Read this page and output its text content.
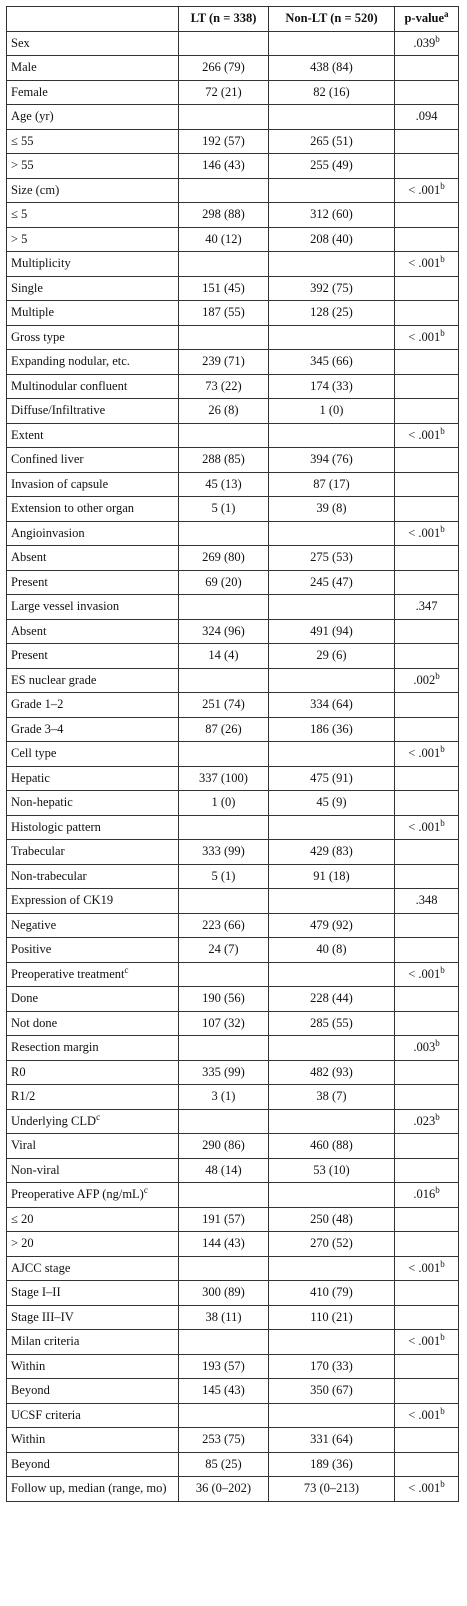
	LT (n = 338)	Non-LT (n = 520)	p-value$^a$
Sex			.039$^b$
Male	266 (79)	438 (84)	
Female	72 (21)	82 (16)	
Age (yr)			.094
≤ 55	192 (57)	265 (51)	
> 55	146 (43)	255 (49)	
Size (cm)			< .001$^b$
≤ 5	298 (88)	312 (60)	
> 5	40 (12)	208 (40)	
Multiplicity			< .001$^b$
Single	151 (45)	392 (75)	
Multiple	187 (55)	128 (25)	
Gross type			< .001$^b$
Expanding nodular, etc.	239 (71)	345 (66)	
Multinodular confluent	73 (22)	174 (33)	
Diffuse/Infiltrative	26 (8)	1 (0)	
Extent			< .001$^b$
Confined liver	288 (85)	394 (76)	
Invasion of capsule	45 (13)	87 (17)	
Extension to other organ	5 (1)	39 (8)	
Angioinvasion			< .001$^b$
Absent	269 (80)	275 (53)	
Present	69 (20)	245 (47)	
Large vessel invasion			.347
Absent	324 (96)	491 (94)	
Present	14 (4)	29 (6)	
ES nuclear grade			.002$^b$
Grade 1–2	251 (74)	334 (64)	
Grade 3–4	87 (26)	186 (36)	
Cell type			< .001$^b$
Hepatic	337 (100)	475 (91)	
Non-hepatic	1 (0)	45 (9)	
Histologic pattern			< .001$^b$
Trabecular	333 (99)	429 (83)	
Non-trabecular	5 (1)	91 (18)	
Expression of CK19			.348
Negative	223 (66)	479 (92)	
Positive	24 (7)	40 (8)	
Preoperative treatment$^c$			< .001$^b$
Done	190 (56)	228 (44)	
Not done	107 (32)	285 (55)	
Resection margin			.003$^b$
R0	335 (99)	482 (93)	
R1/2	3 (1)	38 (7)	
Underlying CLD$^c$			.023$^b$
Viral	290 (86)	460 (88)	
Non-viral	48 (14)	53 (10)	
Preoperative AFP $(ng/mL)^c$			.016$^b$
≤ 20	191 (57)	250 (48)	
> 20	144 (43)	270 (52)	
AJCC stage			< .001$^b$
Stage I–II	300 (89)	410 (79)	
Stage III–IV	38 (11)	110 (21)	
Milan criteria			< .001$^b$
Within	193 (57)	170 (33)	
Beyond	145 (43)	350 (67)	
UCSF criteria			< .001$^b$
Within	253 (75)	331 (64)	
Beyond	85 (25)	189 (36)	
Follow up, median (range, mo)	36 (0–202)	73 (0–213)	< .001$^b$
